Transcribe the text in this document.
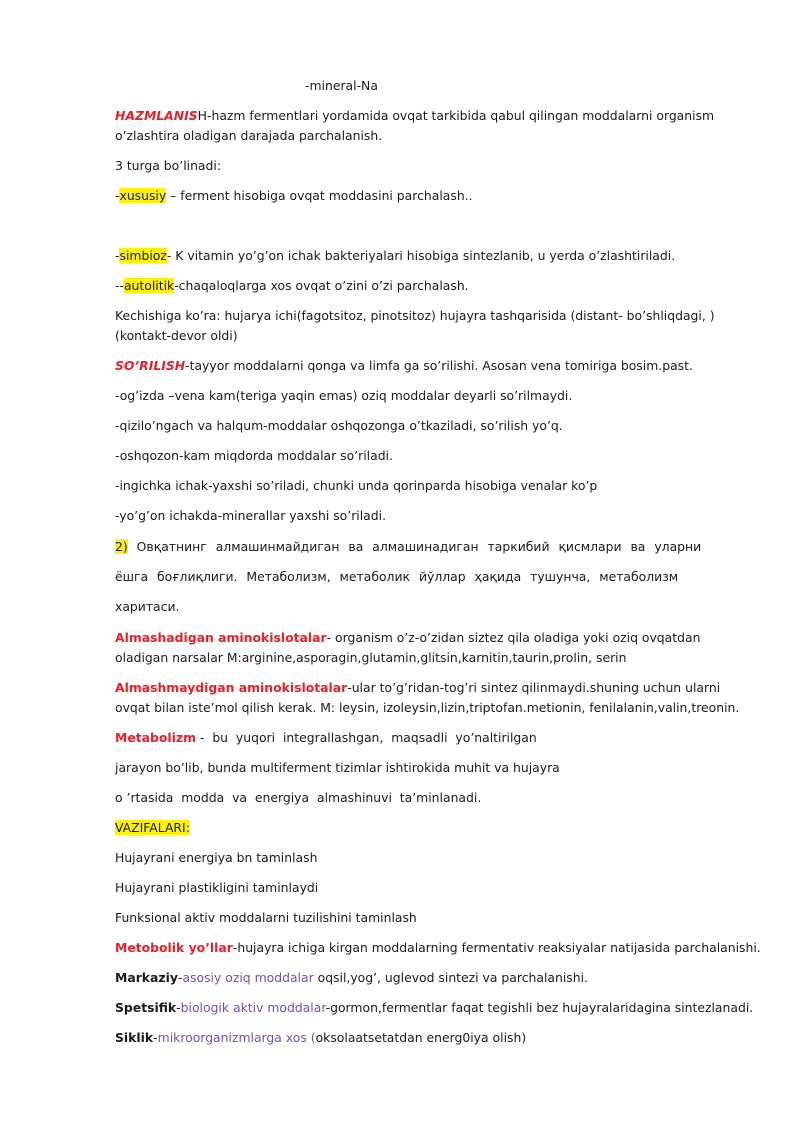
-mineral-Na
HAZMLANISH-hazm fermentlari yordamida ovqat tarkibida qabul qilingan moddalarni organism o’zlashtira oladigan darajada parchalanish.
3 turga bo’linadi:
-xususiy – ferment hisobiga ovqat moddasini parchalash..
-simbioz- K vitamin yo’g’on ichak bakteriyalari hisobiga sintezlanib, u yerda o’zlashtiriladi.
--autolitik-chaqaloqlarga xos ovqat o’zini o’zi parchalash.
Kechishiga ko’ra: hujarya ichi(fagotsitoz, pinotsitoz) hujayra tashqarisida (distant- bo’shliqdagi, ) (kontakt-devor oldi)
SO’RILISH-tayyor moddalarni qonga va limfa ga so’rilishi. Asosan vena tomiriga bosim.past.
-og’izda –vena kam(teriga yaqin emas) oziq moddalar deyarli so’rilmaydi.
-qizilo’ngach va halqum-moddalar oshqozonga o’tkaziladi, so’rilish yo’q.
-oshqozon-kam miqdorda moddalar so’riladi.
-ingichka ichak-yaxshi so’riladi, chunki unda qorinparda hisobiga venalar ko’p
-yo’g’on ichakda-minerallar yaxshi so’riladi.
2) Овқатнинг алмашинмайдиган ва алмашинадиган таркибий қисмлари ва уларни
ёшга боғлиқлиги. Метаболизм, метаболик йўллар ҳақида тушунча, метаболизм
харитаси.
Almashadigan aminokislotalar- organism o’z-o’zidan siztez qila oladiga yoki oziq ovqatdan oladigan narsalar M:arginine,asporagin,glutamin,glitsin,karnitin,taurin,prolin, serin
Almashmaydigan aminokislotalar-ular to’g’ridan-tog’ri sintez qilinmaydi.shuning uchun ularni ovqat bilan iste’mol qilish kerak. M: leysin, izoleysin,lizin,triptofan.metionin, fenilalanin,valin,treonin.
Metabolizm -  bu  yuqori  integrallashgan,  maqsadli  yo’naltirilgan
jarayon bo’lib, bunda multiferment tizimlar ishtirokida muhit va hujayra
o ’rtasida  modda  va  energiya  almashinuvi  ta’minlanadi.
VAZIFALARI:
Hujayrani energiya bn taminlash
Hujayrani plastikligini taminlaydi
Funksional aktiv moddalarni tuzilishini taminlash
Metobolik yo’llar-hujayra ichiga kirgan moddalarning fermentativ reaksiyalar natijasida parchalanishi.
Markaziy-asosiy oziq moddalar oqsil,yog’, uglevod sintezi va parchalanishi.
Spetsifik-biologik aktiv moddalar-gormon,fermentlar faqat tegishli bez hujayralaridagina sintezlanadi.
Siklik-mikroorganizmlarga xos (oksolaatsetatdan energ0iya olish)
